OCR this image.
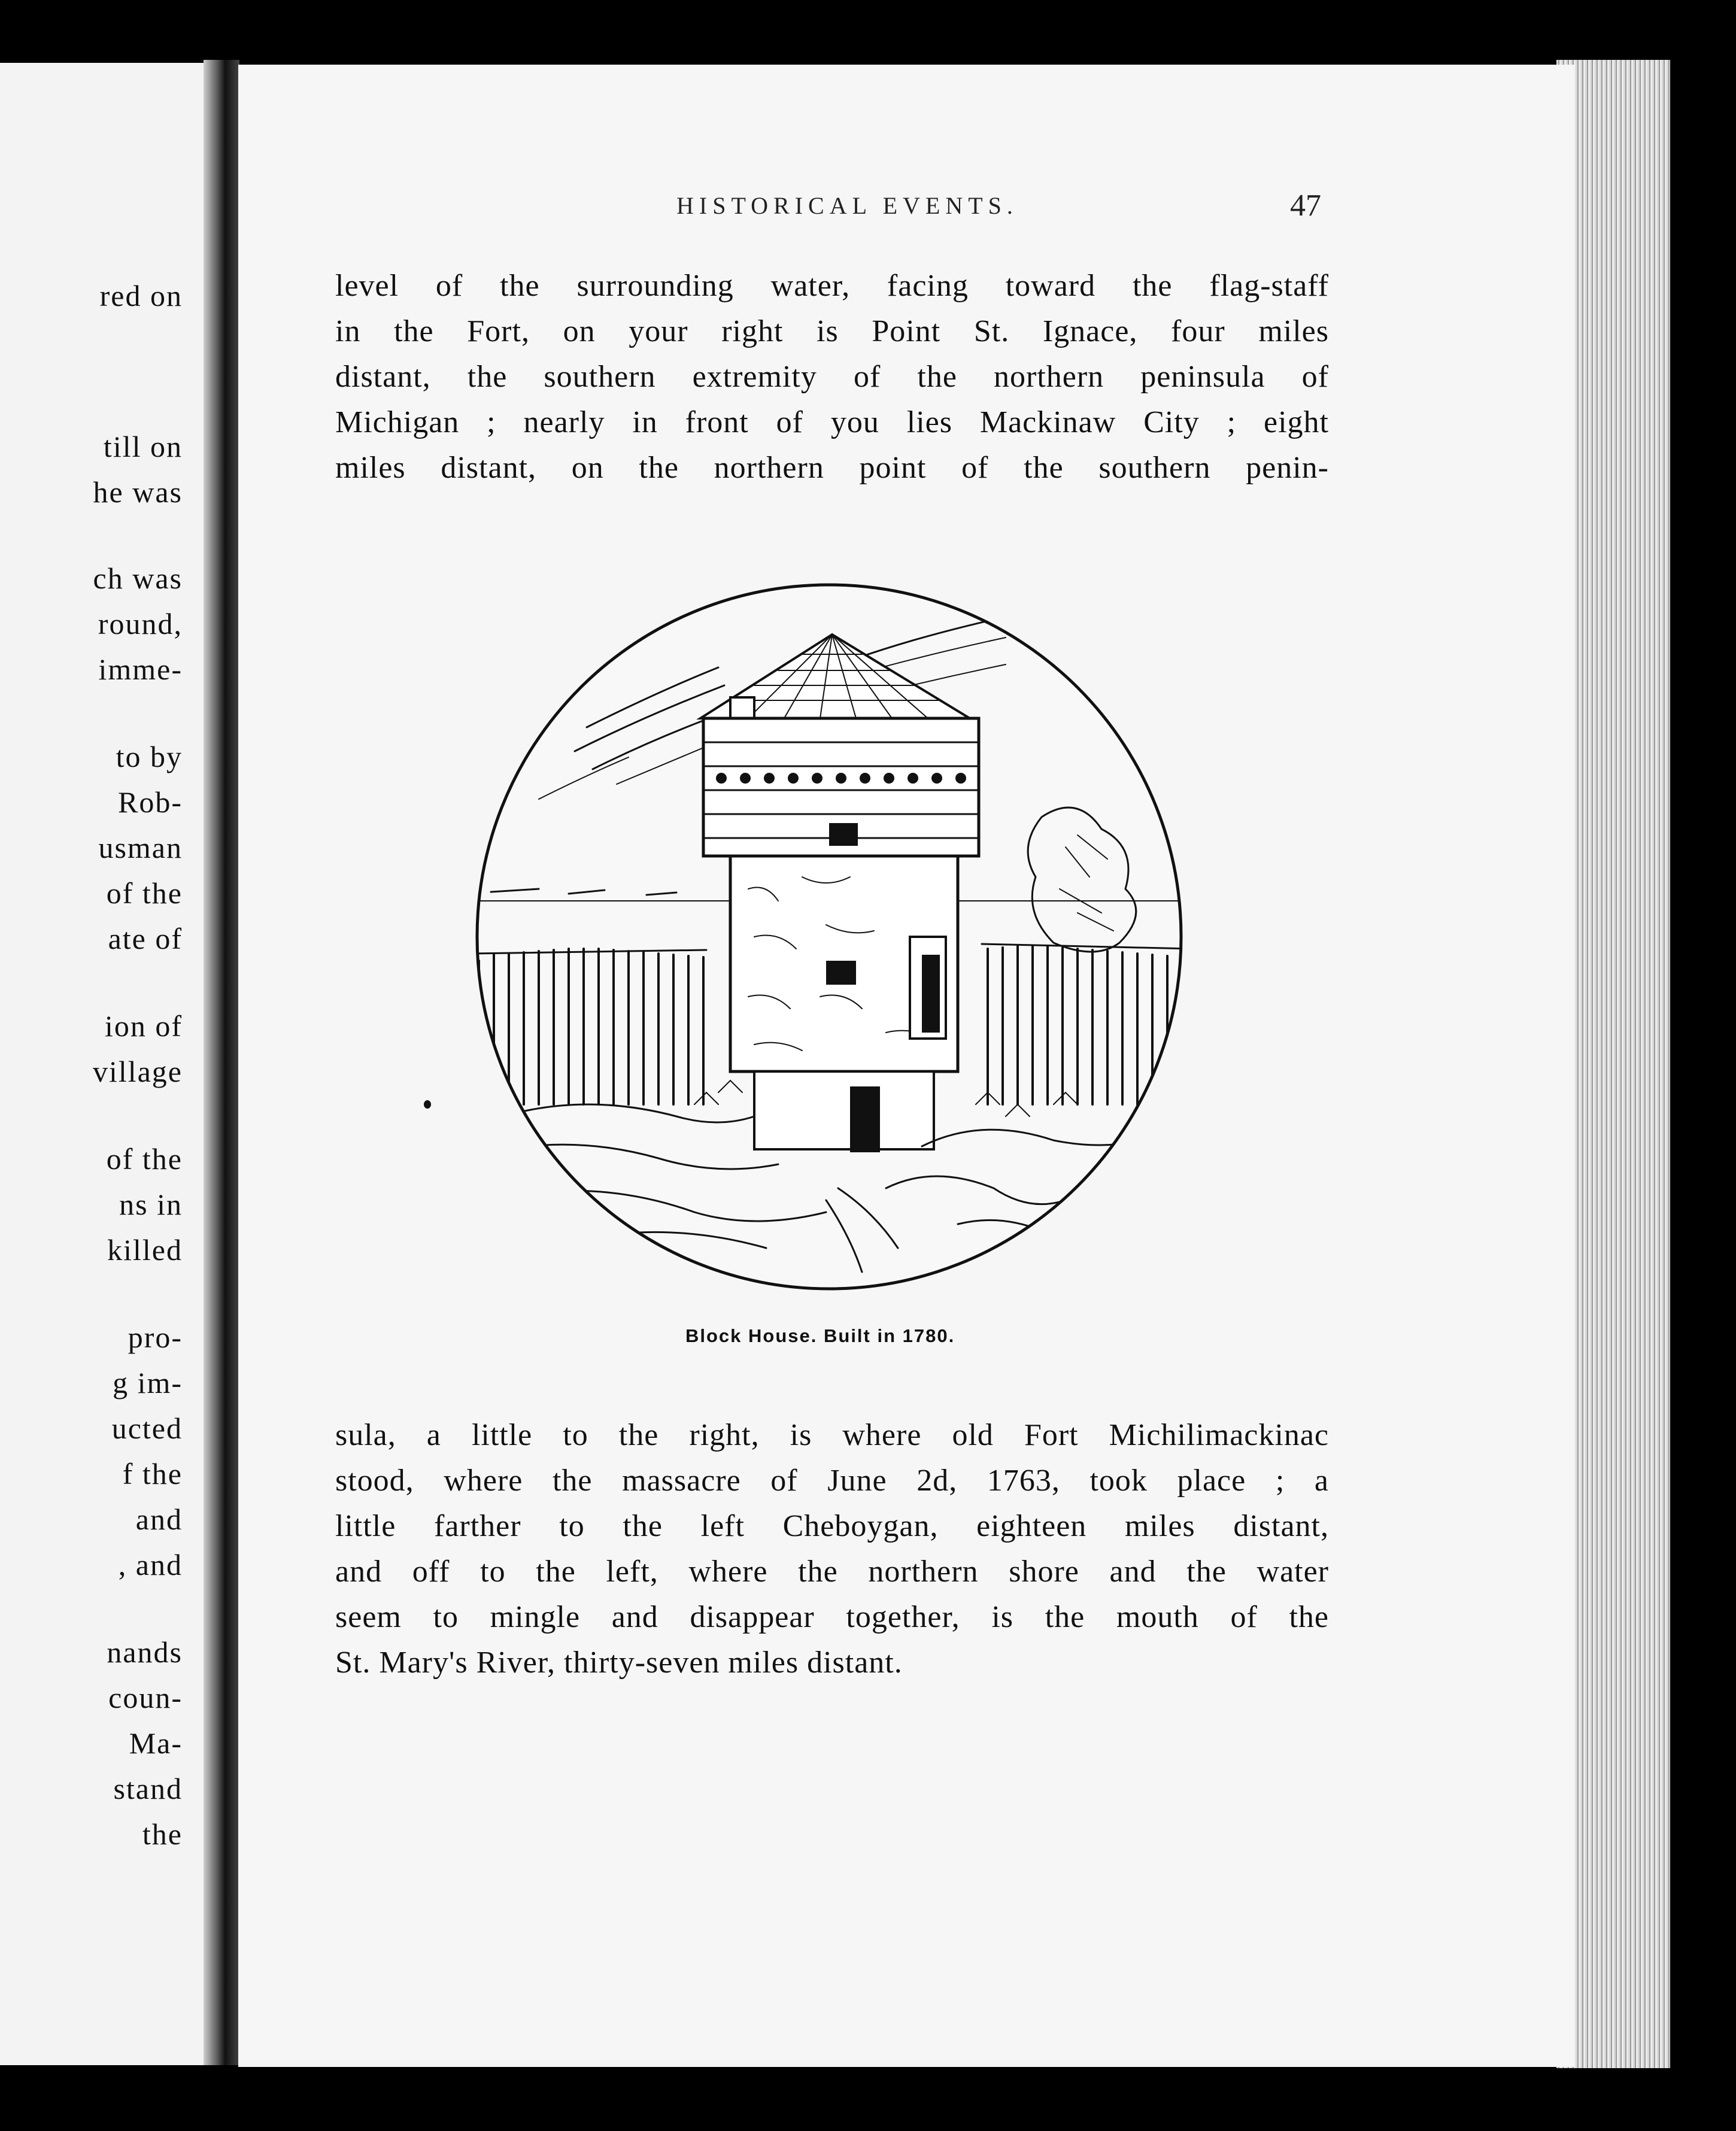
red on
till on
he was
ch was
round,
imme-
to by
Rob-
usman
of the
ate of
ion of
village
of the
ns in
killed
pro-
g im-
ucted
f the
and
, and
nands
coun-
Ma-
stand
the
HISTORICAL EVENTS.	47
level of the surrounding water, facing toward the flag-staff
in the Fort, on your right is Point St. Ignace, four miles
distant, the southern extremity of the northern peninsula of
Michigan ; nearly in front of you lies Mackinaw City ; eight
miles distant, on the northern point of the southern penin-
Block House. Built in 1780.
sula, a little to the right, is where old Fort Michilimackinac
stood, where the massacre of June 2d, 1763, took place ; a
little farther to the left Cheboygan, eighteen miles distant,
and off to the left, where the northern shore and the water
seem to mingle and disappear together, is the mouth of the
St. Mary's River, thirty-seven miles distant.
